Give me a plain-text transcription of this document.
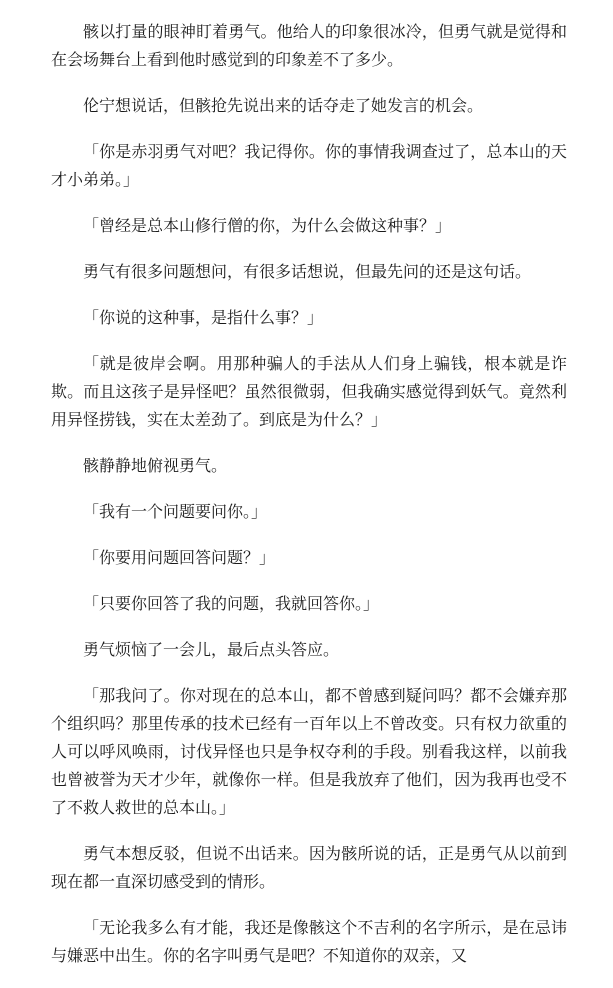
骸以打量的眼神盯着勇气。他给人的印象很冰冷，但勇气就是觉得和在会场舞台上看到他时感觉到的印象差不了多少。

伦宁想说话，但骸抢先说出来的话夺走了她发言的机会。

「你是赤羽勇气对吧？我记得你。你的事情我调查过了，总本山的天才小弟弟。」

「曾经是总本山修行僧的你，为什么会做这种事？」

勇气有很多问题想问，有很多话想说，但最先问的还是这句话。

「你说的这种事，是指什么事？」

「就是彼岸会啊。用那种骗人的手法从人们身上骗钱，根本就是诈欺。而且这孩子是异怪吧？虽然很微弱，但我确实感觉得到妖气。竟然利用异怪捞钱，实在太差劲了。到底是为什么？」

骸静静地俯视勇气。

「我有一个问题要问你。」

「你要用问题回答问题？」

「只要你回答了我的问题，我就回答你。」

勇气烦恼了一会儿，最后点头答应。

「那我问了。你对现在的总本山，都不曾感到疑问吗？都不会嫌弃那个组织吗？那里传承的技术已经有一百年以上不曾改变。只有权力欲重的人可以呼风唤雨，讨伐异怪也只是争权夺利的手段。别看我这样，以前我也曾被誉为天才少年，就像你一样。但是我放弃了他们，因为我再也受不了不救人救世的总本山。」

勇气本想反驳，但说不出话来。因为骸所说的话，正是勇气从以前到现在都一直深切感受到的情形。

「无论我多么有才能，我还是像骸这个不吉利的名字所示，是在忌讳与嫌恶中出生。你的名字叫勇气是吧？不知道你的双亲，又
